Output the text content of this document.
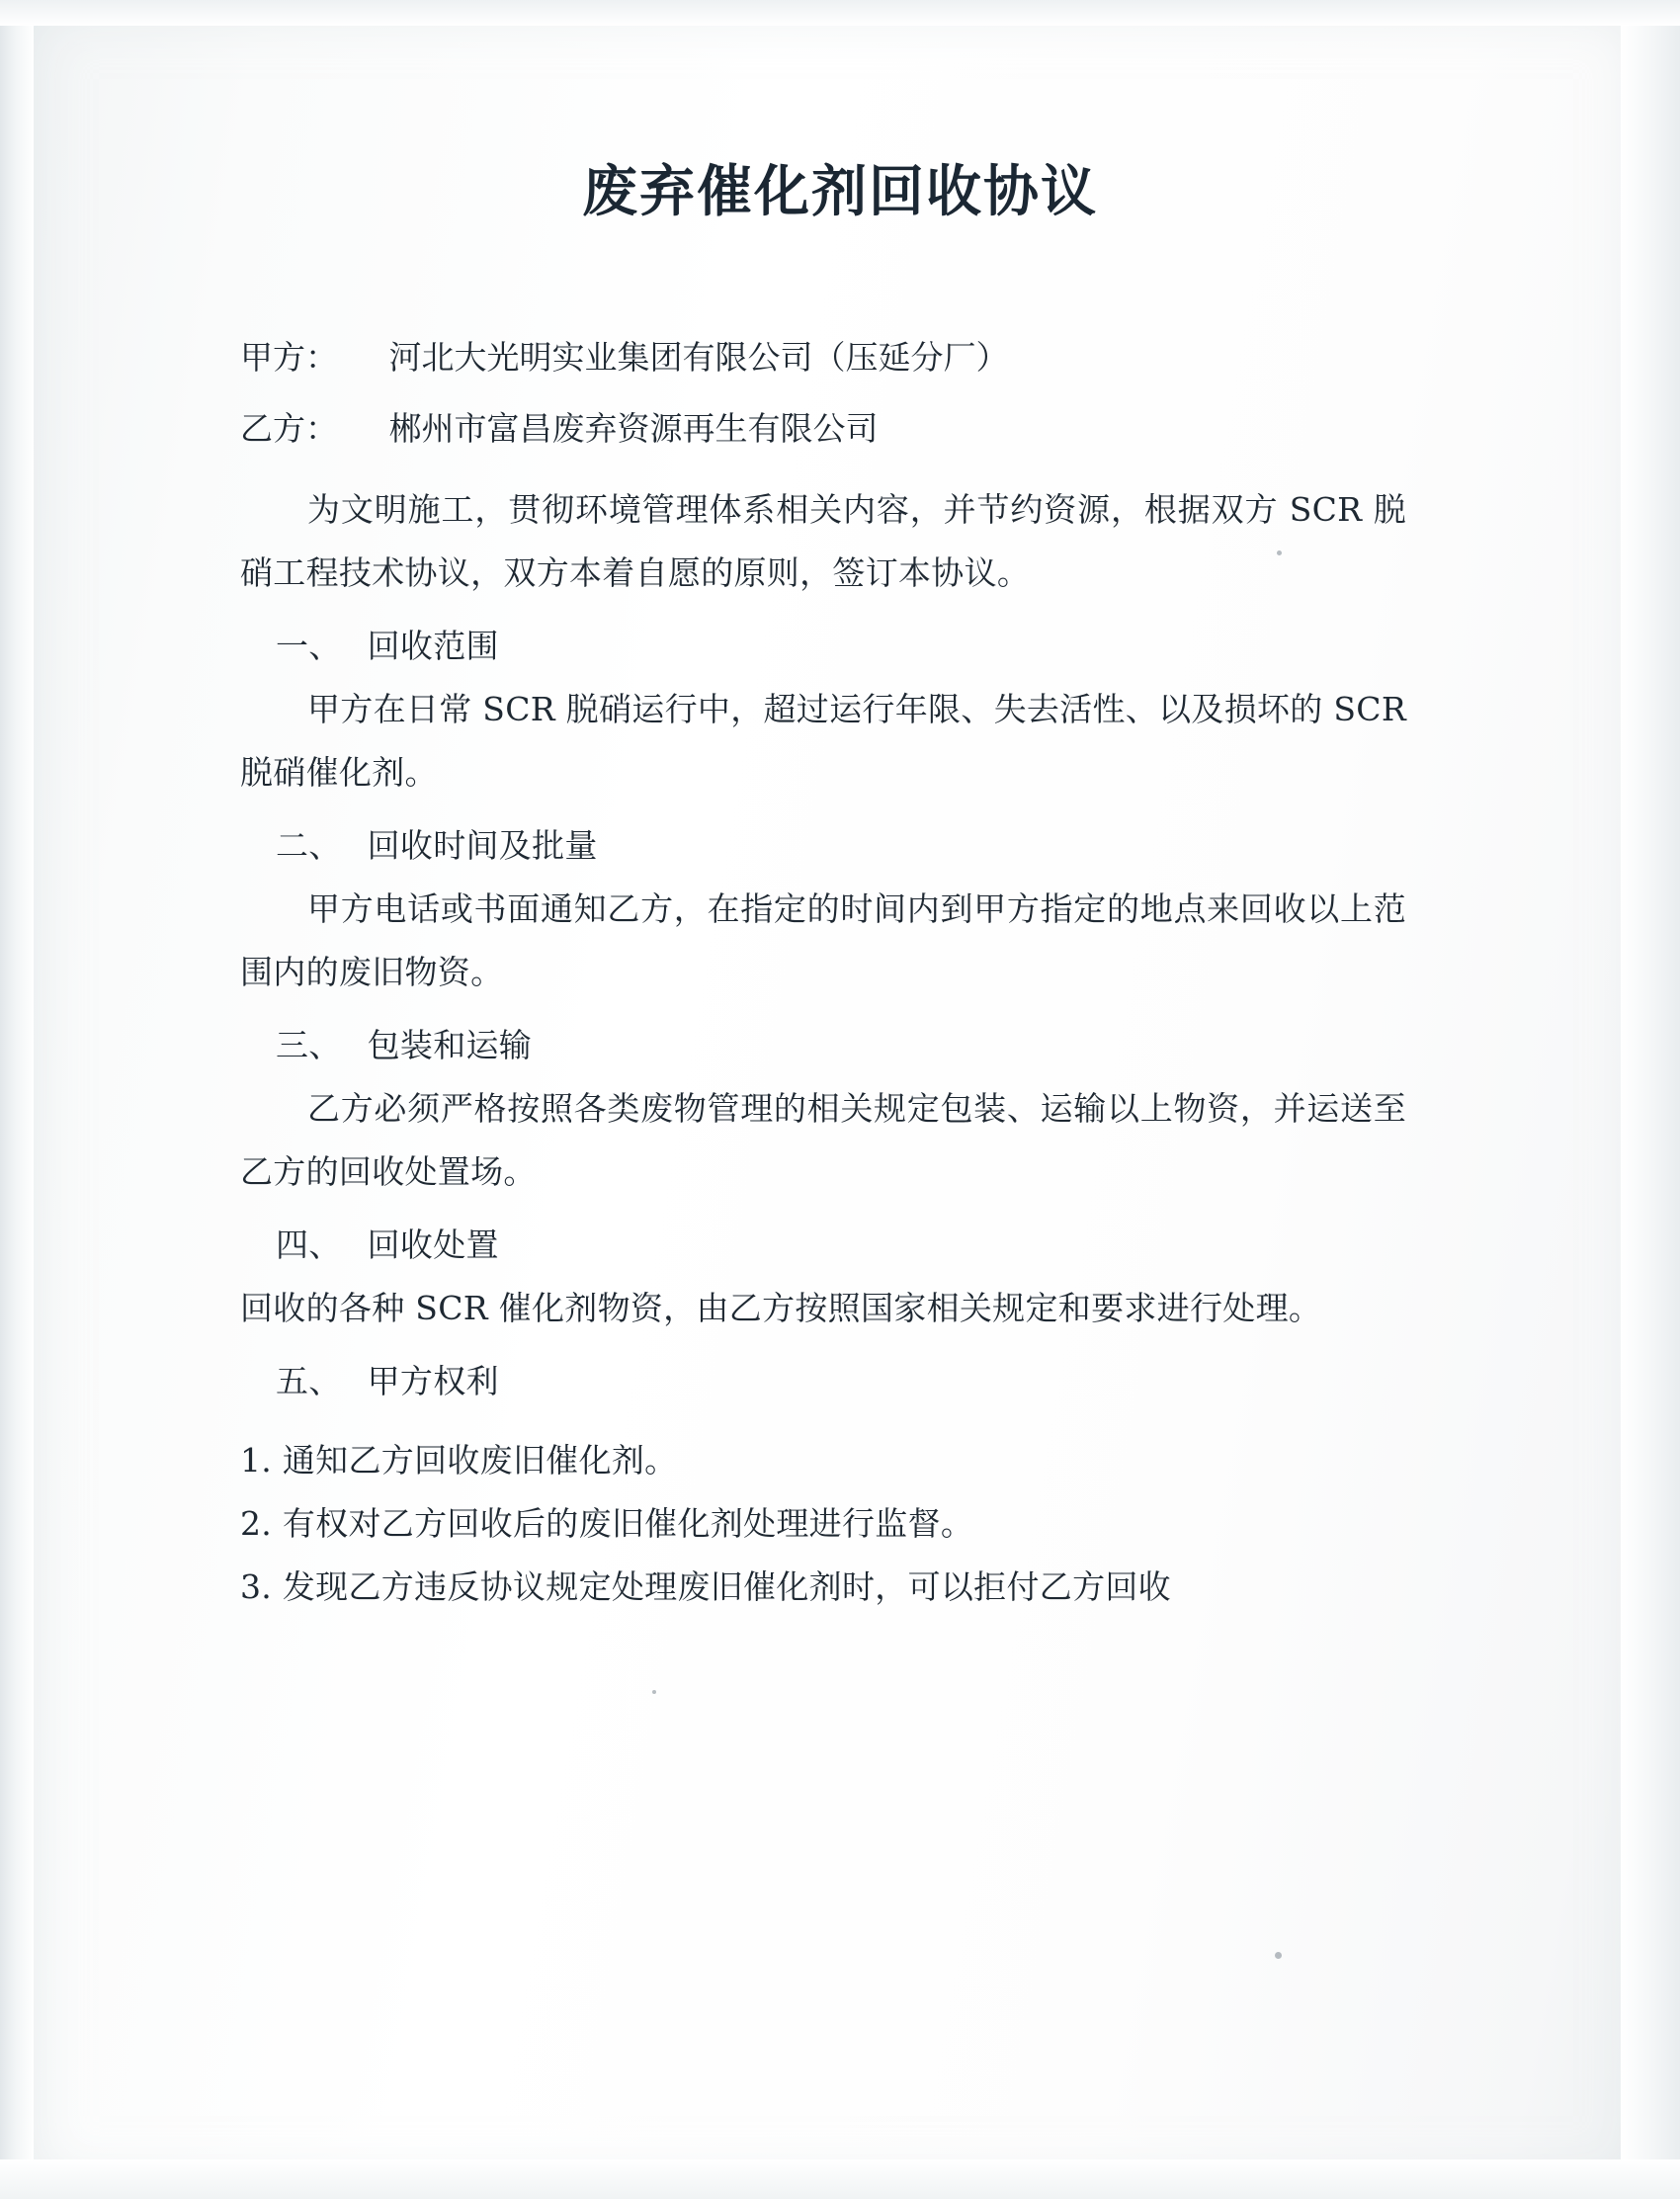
废弃催化剂回收协议
甲方： 河北大光明实业集团有限公司（压延分厂）
乙方： 郴州市富昌废弃资源再生有限公司
为文明施工，贯彻环境管理体系相关内容，并节约资源，根据双方 SCR 脱硝工程技术协议，双方本着自愿的原则，签订本协议。
一、 回收范围
甲方在日常 SCR 脱硝运行中，超过运行年限、失去活性、以及损坏的 SCR 脱硝催化剂。
二、 回收时间及批量
甲方电话或书面通知乙方，在指定的时间内到甲方指定的地点来回收以上范围内的废旧物资。
三、 包装和运输
乙方必须严格按照各类废物管理的相关规定包装、运输以上物资，并运送至乙方的回收处置场。
四、 回收处置
回收的各种 SCR 催化剂物资，由乙方按照国家相关规定和要求进行处理。
五、 甲方权利
1. 通知乙方回收废旧催化剂。
2. 有权对乙方回收后的废旧催化剂处理进行监督。
3. 发现乙方违反协议规定处理废旧催化剂时，可以拒付乙方回收
